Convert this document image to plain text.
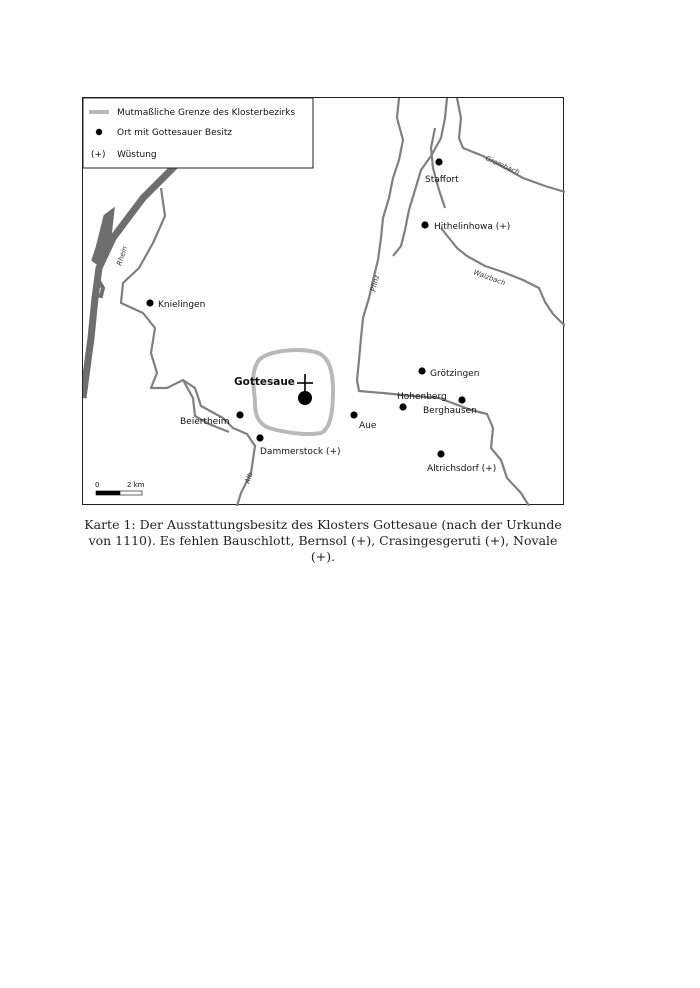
Mutmaßliche Grenze des Klosterbezirks
Ort mit Gottesauer Besitz
(+) Wüstung
Rhein
Pfinz
Grombach
Walzbach
Alb
Staffort
Hithelinhowa (+)
Knielingen
Gottesaue
Grötzingen
Hohenberg
Berghausen
Beiertheim	Aue
Dammerstock (+)
Altrichsdorf (+)
0	2 km
Karte 1: Der Ausstattungsbesitz des Klosters Gottesaue (nach der Urkunde von 1110). Es fehlen Bauschlott, Bernsol (+), Crasingesgeruti (+), Novale (+).
